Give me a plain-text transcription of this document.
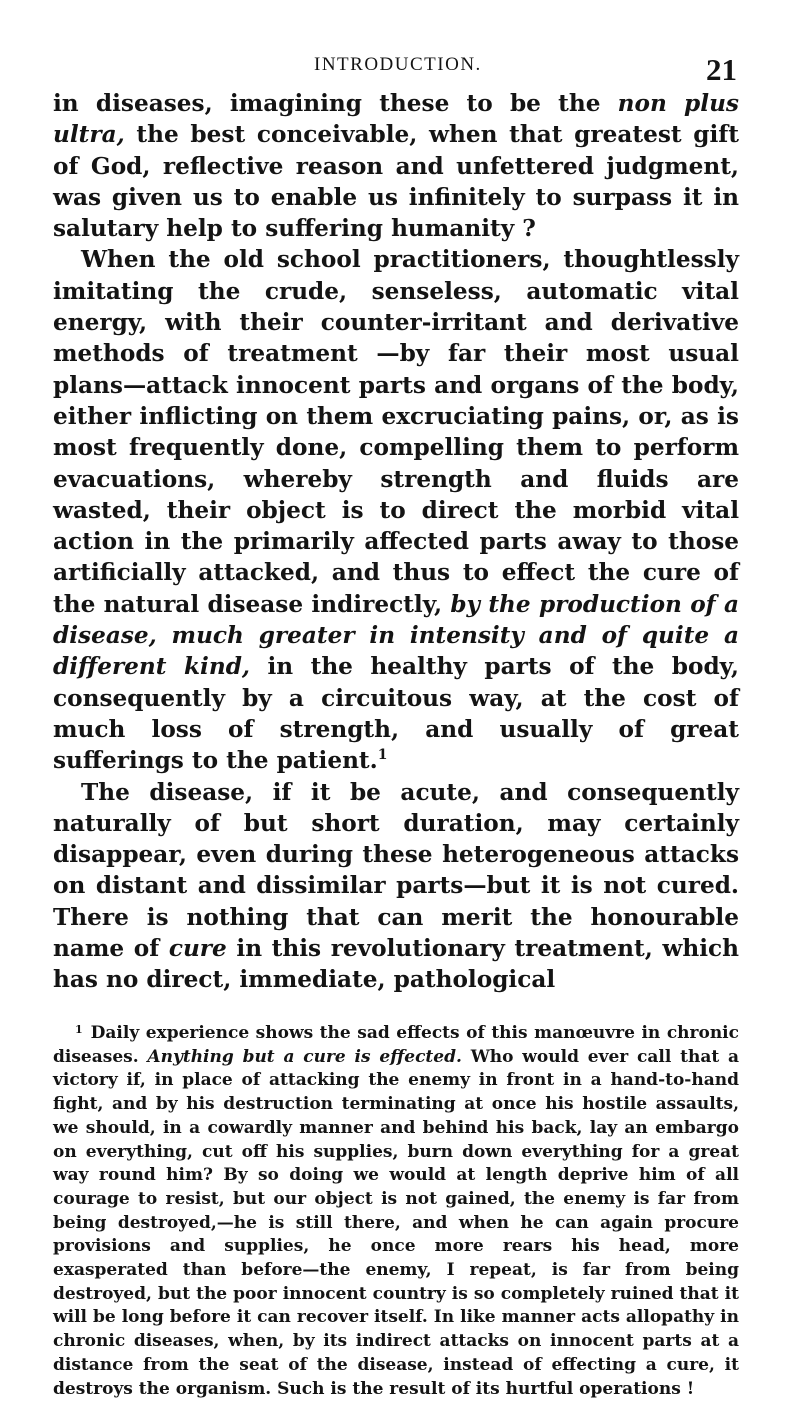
INTRODUCTION.	21

in diseases, imagining these to be the non plus ultra, the best conceivable, when that greatest gift of God, reflective reason and unfettered judgment, was given us to enable us infinitely to surpass it in salutary help to suffering humanity ?

When the old school practitioners, thoughtlessly imitating the crude, senseless, automatic vital energy, with their counter-irritant and derivative methods of treatment —by far their most usual plans—attack innocent parts and organs of the body, either inflicting on them excruciating pains, or, as is most frequently done, compelling them to perform evacuations, whereby strength and fluids are wasted, their object is to direct the morbid vital action in the primarily affected parts away to those artificially attacked, and thus to effect the cure of the natural disease indirectly, by the production of a disease, much greater in intensity and of quite a different kind, in the healthy parts of the body, consequently by a circuitous way, at the cost of much loss of strength, and usually of great sufferings to the patient.$^1$

The disease, if it be acute, and consequently naturally of but short duration, may certainly disappear, even during these heterogeneous attacks on distant and dissimilar parts—but it is not cured. There is nothing that can merit the honourable name of cure in this revolutionary treatment, which has no direct, immediate, pathological

$^1$ Daily experience shows the sad effects of this manœuvre in chronic diseases. Anything but a cure is effected. Who would ever call that a victory if, in place of attacking the enemy in front in a hand-to-hand fight, and by his destruction terminating at once his hostile assaults, we should, in a cowardly manner and behind his back, lay an embargo on everything, cut off his supplies, burn down everything for a great way round him? By so doing we would at length deprive him of all courage to resist, but our object is not gained, the enemy is far from being destroyed,—he is still there, and when he can again procure provisions and supplies, he once more rears his head, more exasperated than before—the enemy, I repeat, is far from being destroyed, but the poor innocent country is so completely ruined that it will be long before it can recover itself. In like manner acts allopathy in chronic diseases, when, by its indirect attacks on innocent parts at a distance from the seat of the disease, instead of effecting a cure, it destroys the organism. Such is the result of its hurtful operations !
